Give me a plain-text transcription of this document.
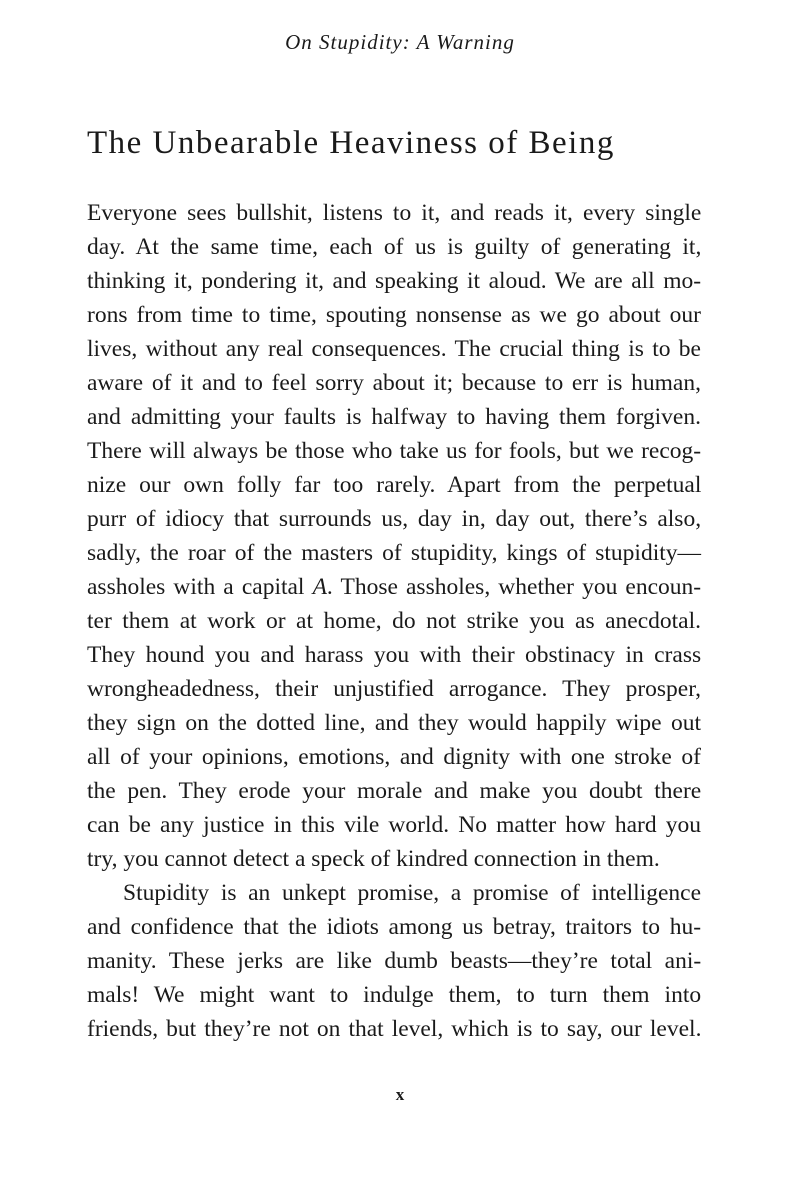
On Stupidity: A Warning
The Unbearable Heaviness of Being

Everyone sees bullshit, listens to it, and reads it, every single
day. At the same time, each of us is guilty of generating it,
thinking it, pondering it, and speaking it aloud. We are all mo-
rons from time to time, spouting nonsense as we go about our
lives, without any real consequences. The crucial thing is to be
aware of it and to feel sorry about it; because to err is human,
and admitting your faults is halfway to having them forgiven.
There will always be those who take us for fools, but we recog-
nize our own folly far too rarely. Apart from the perpetual
purr of idiocy that surrounds us, day in, day out, there’s also,
sadly, the roar of the masters of stupidity, kings of stupidity—
assholes with a capital A. Those assholes, whether you encoun-
ter them at work or at home, do not strike you as anecdotal.
They hound you and harass you with their obstinacy in crass
wrongheadedness, their unjustified arrogance. They prosper,
they sign on the dotted line, and they would happily wipe out
all of your opinions, emotions, and dignity with one stroke of
the pen. They erode your morale and make you doubt there
can be any justice in this vile world. No matter how hard you
try, you cannot detect a speck of kindred connection in them.

Stupidity is an unkept promise, a promise of intelligence
and confidence that the idiots among us betray, traitors to hu-
manity. These jerks are like dumb beasts—they’re total ani-
mals! We might want to indulge them, to turn them into
friends, but they’re not on that level, which is to say, our level.

x
